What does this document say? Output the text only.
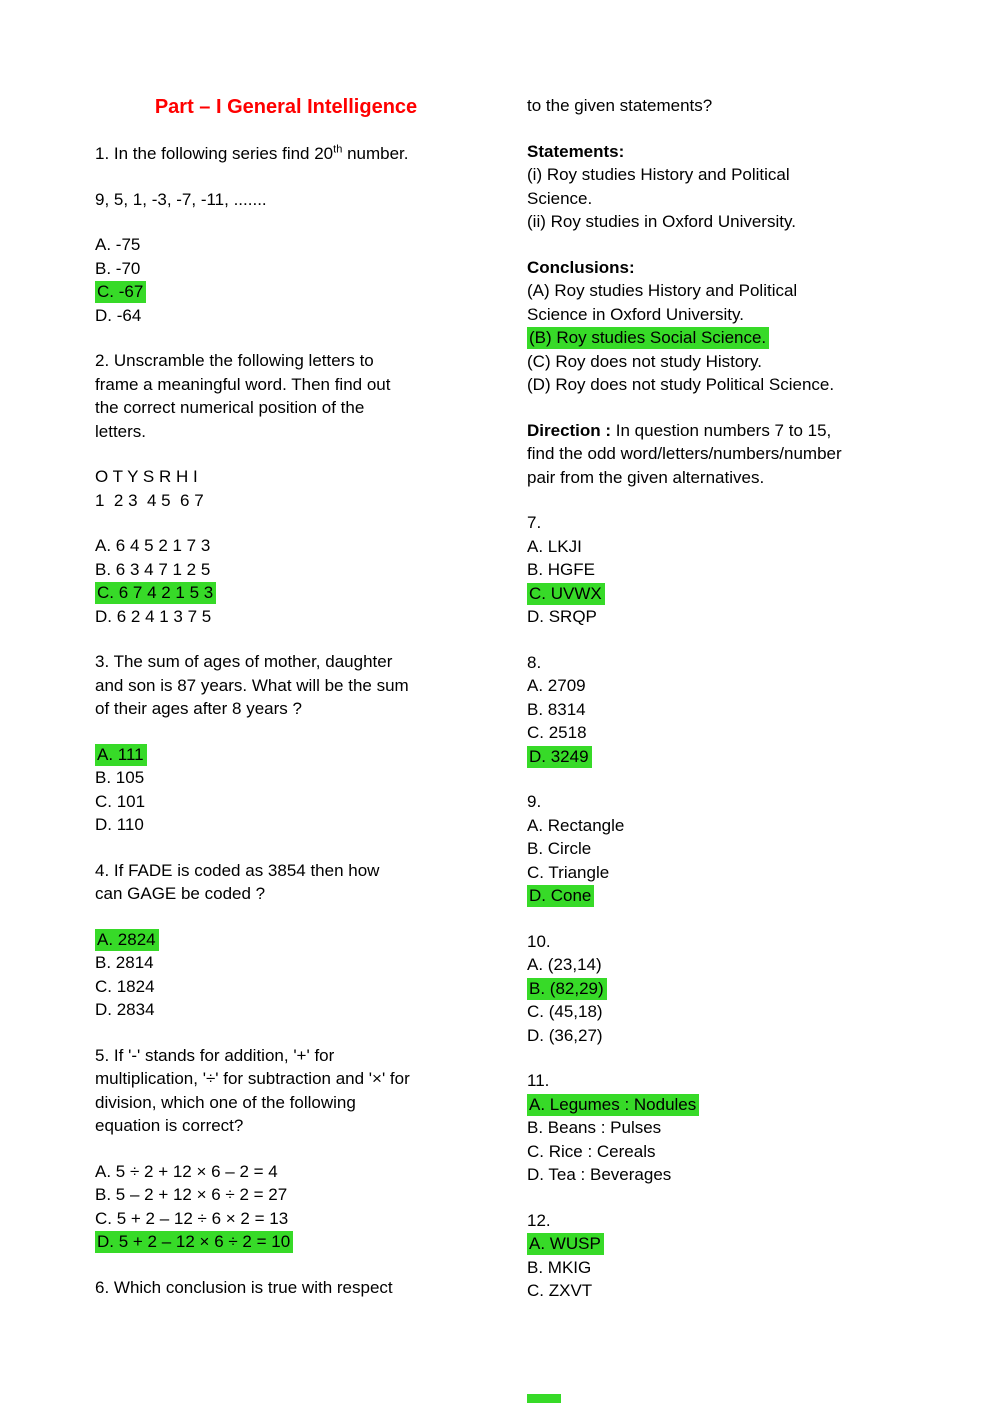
Part – I General Intelligence
1. In the following series find 20th number.
9, 5, 1, -3, -7, -11, .......
A. -75
B. -70
C. -67
D. -64
2. Unscramble the following letters to
frame a meaningful word. Then find out
the correct numerical position of the
letters.
O T Y S R H I
1  2 3  4 5  6 7
A. 6 4 5 2 1 7 3
B. 6 3 4 7 1 2 5
C. 6 7 4 2 1 5 3
D. 6 2 4 1 3 7 5
3. The sum of ages of mother, daughter
and son is 87 years. What will be the sum
of their ages after 8 years ?
A. 111
B. 105
C. 101
D. 110
4. If FADE is coded as 3854 then how
can GAGE be coded ?
A. 2824
B. 2814
C. 1824
D. 2834
5. If '-' stands for addition, '+' for
multiplication, '÷' for subtraction and '×' for
division, which one of the following
equation is correct?
A. 5 ÷ 2 + 12 × 6 – 2 = 4
B. 5 – 2 + 12 × 6 ÷ 2 = 27
C. 5 + 2 – 12 ÷ 6 × 2 = 13
D. 5 + 2 – 12 × 6 ÷ 2 = 10
6. Which conclusion is true with respect
to the given statements?
Statements:
(i) Roy studies History and Political
Science.
(ii) Roy studies in Oxford University.
Conclusions:
(A) Roy studies History and Political
Science in Oxford University.
(B) Roy studies Social Science.
(C) Roy does not study History.
(D) Roy does not study Political Science.
Direction : In question numbers 7 to 15,
find the odd word/letters/numbers/number
pair from the given alternatives.
7.
A. LKJI
B. HGFE
C. UVWX
D. SRQP
8.
A. 2709
B. 8314
C. 2518
D. 3249
9.
A. Rectangle
B. Circle
C. Triangle
D. Cone
10.
A. (23,14)
B. (82,29)
C. (45,18)
D. (36,27)
11.
A. Legumes : Nodules
B. Beans : Pulses
C. Rice : Cereals
D. Tea : Beverages
12.
A. WUSP
B. MKIG
C. ZXVT
